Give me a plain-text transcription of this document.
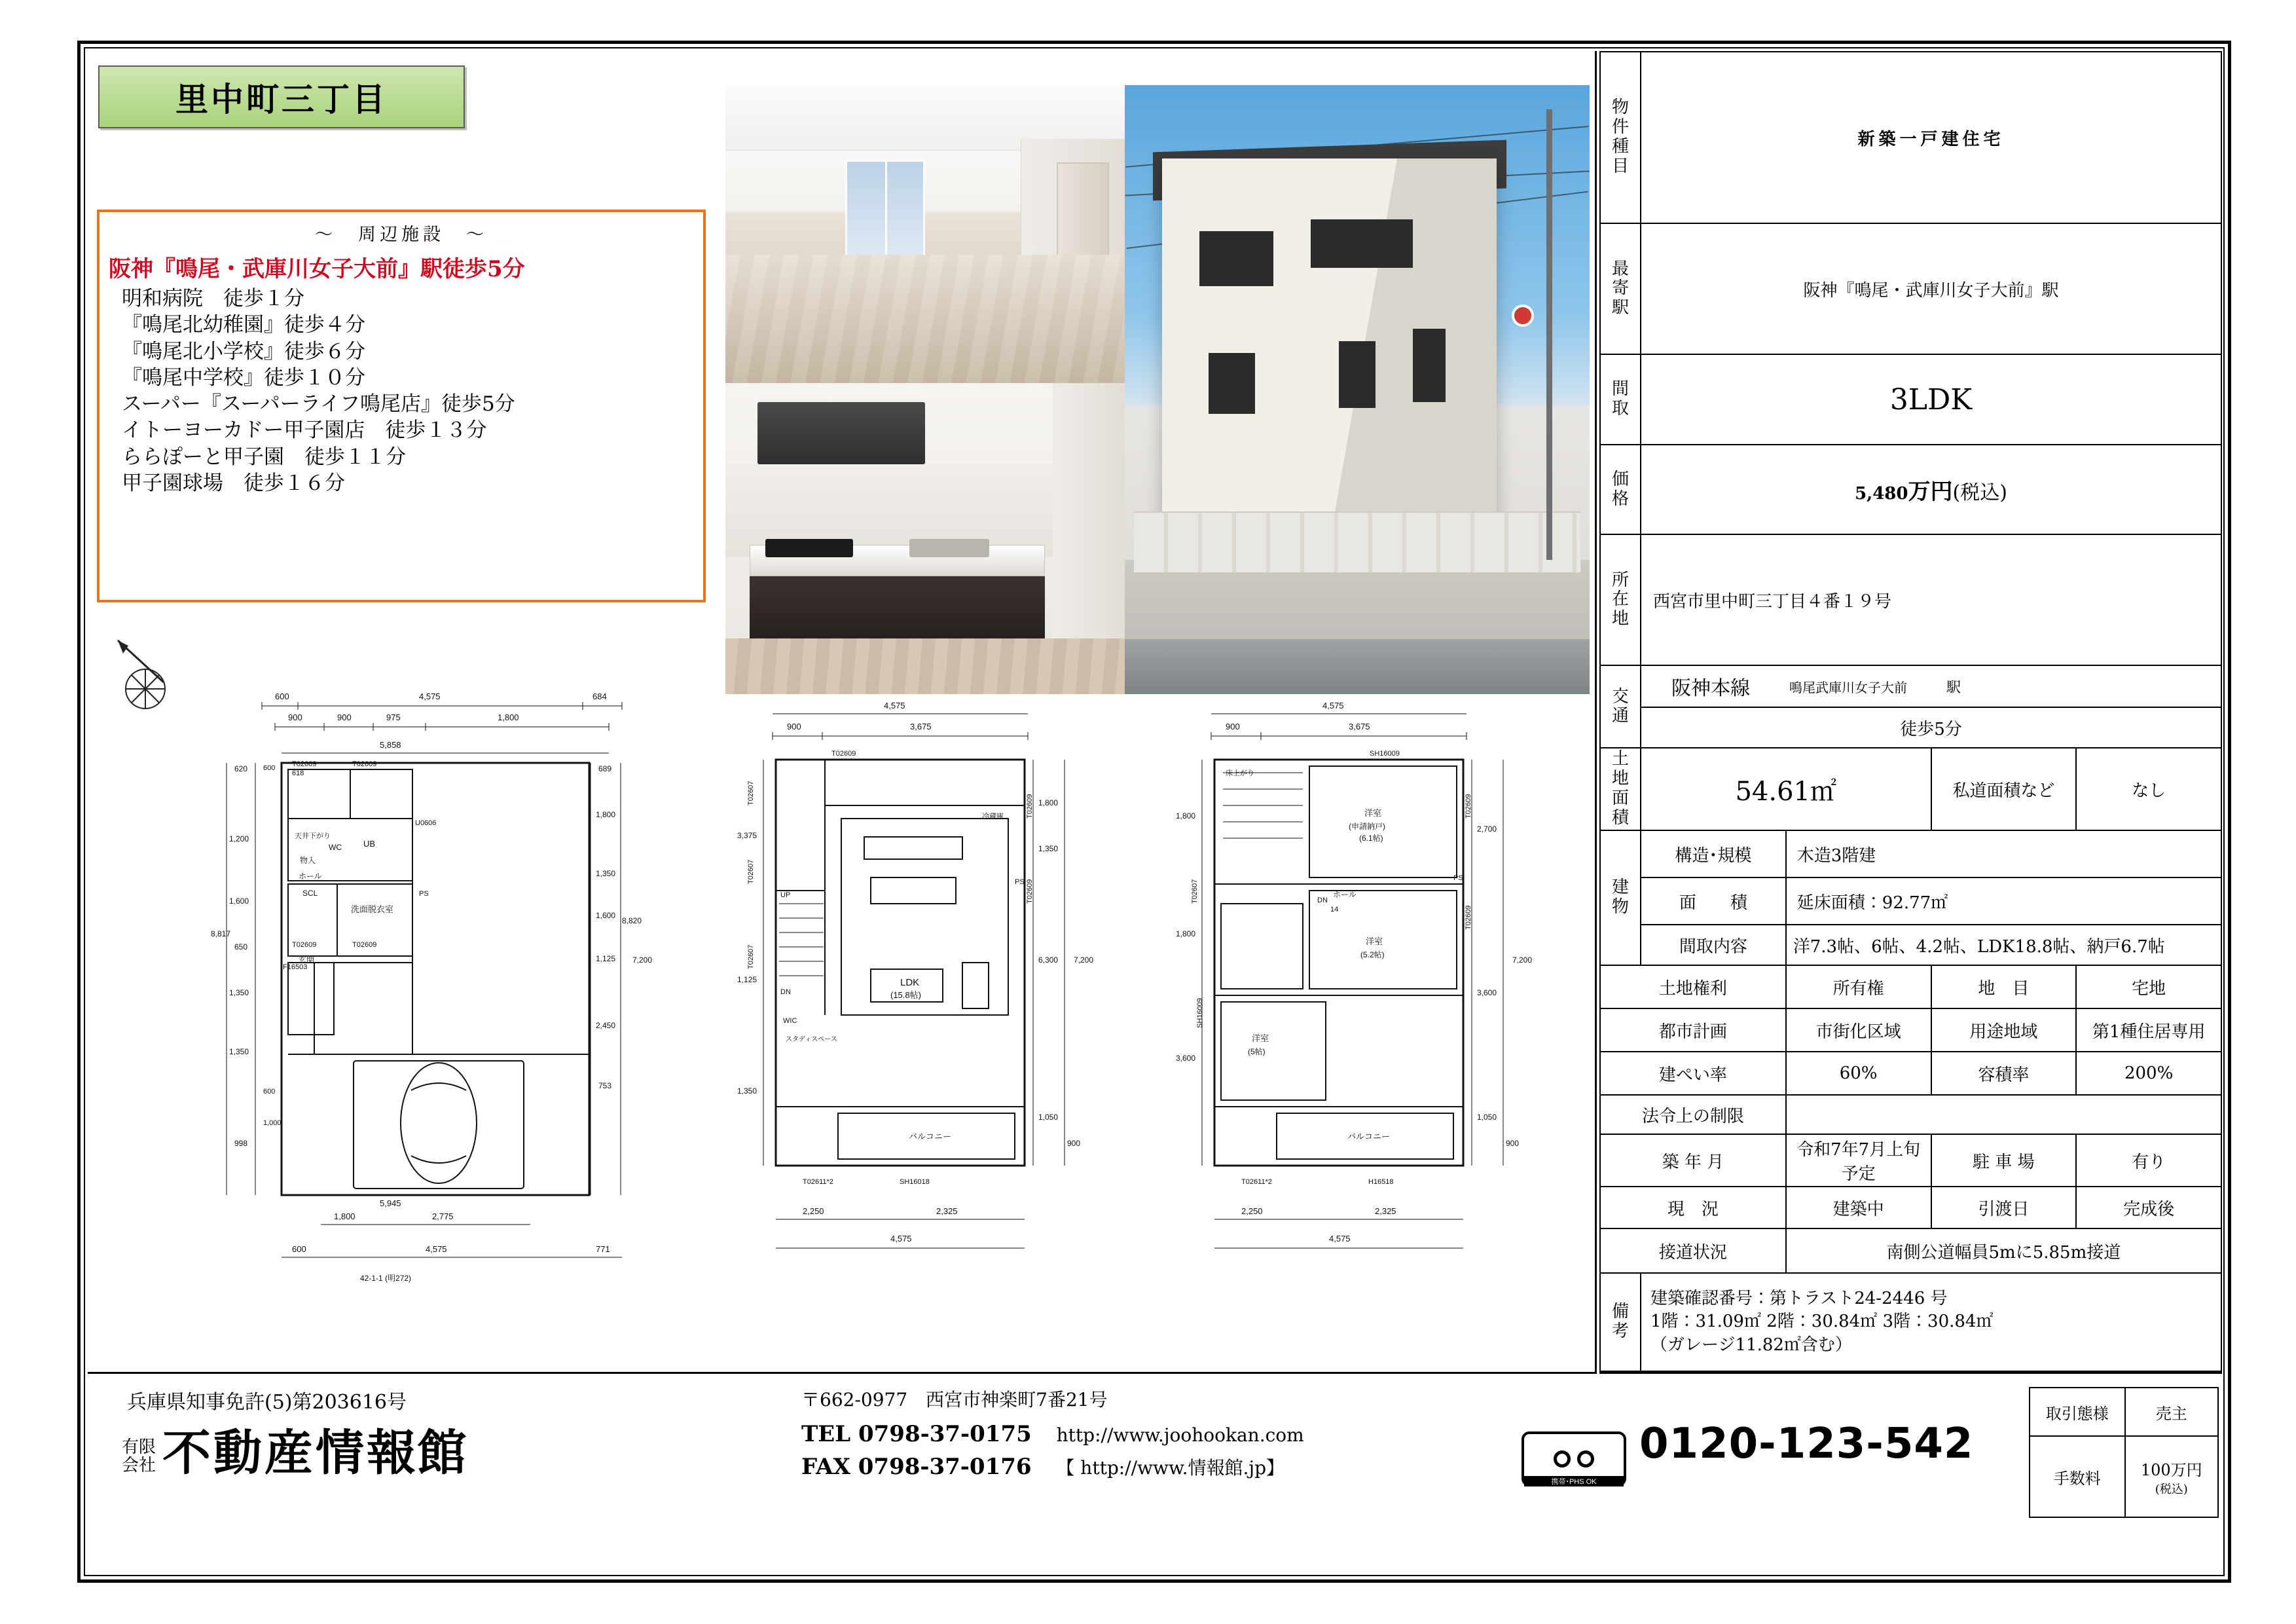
里中町三丁目
～　周辺施設　～
阪神『鳴尾・武庫川女子大前』駅徒歩5分
明和病院　徒歩１分
『鳴尾北幼稚園』徒歩４分
『鳴尾北小学校』徒歩６分
『鳴尾中学校』徒歩１０分
スーパー『スーパーライフ鳴尾店』徒歩5分
イトーヨーカドー甲子園店　徒歩１３分
ららぽーと甲子園　徒歩１１分
甲子園球場　徒歩１６分
600	4,575	684
900	900	975	1,800
5,858
洗面脱衣室
UB
WC
物入
天井下がり
SCL
ホール
玄関
PS
T02609	T02609
T02609
T02609
F16503
U0606
620
1,200
1,600
650
1,350
1,350
998
8,817
689
1,800
1,350
1,600
1,125
2,450
753
8,820
7,200
600
600
1,000
618
1,800	2,775
5,945
600	4,575	771
42-1-1 (明272)
4,575
900	3,675
LDK
(15.8帖)
バルコニー
スタディスペース
WIC
冷蔵庫
PS
UP
DN
T02609
T02607
T02607
T02607
T02609
T02609
T02611*2	SH16018
3,375
1,125
1,350
1,800
1,350
6,300
1,050
900
7,200
2,250	2,325
4,575
4,575
900	3,675
洋室
(申請納戸)
(6.1帖)
洋室
(5.2帖)
洋室
(5帖)
ホール
バルコニー
床上がり
PS
DN
14
SH16009
SH16009
T02609
T02609
T02607
T02611*2	H16518
1,800
1,800
3,600
2,700
3,600
1,050
900
7,200
2,250	2,325
4,575
物件種目	新築一戸建住宅			
最寄駅	阪神『鳴尾・武庫川女子大前』駅			
間取	3LDK			
価格	5,480万円(税込)			
所在地	西宮市里中町三丁目４番１９号			
交通	阪神本線 鳴尾武庫川女子大前 駅			

	徒歩5分			
土地面積	54.61㎡		私道面積など	なし
建物	構造･規模	木造3階建		
	面　　積	延床面積：92.77㎡		
	間取内容	洋7.3帖、6帖、4.2帖、LDK18.8帖、納戸6.7帖		
土地権利		所有権	地　目	宅地
都市計画		市街化区域	用途地域	第1種住居専用
建ぺい率		60%	容積率	200%
法令上の制限				
築 年 月		令和7年7月上旬予定	駐 車 場	有り
現　況		建築中	引渡日	完成後
接道状況		南側公道幅員5mに5.85m接道		
備　考	建築確認番号：第トラスト24-2446 号
1階：31.09㎡ 2階：30.84㎡ 3階：30.84㎡
（ガレージ11.82㎡含む）			
兵庫県知事免許(5)第203616号
有限
会社 不動産情報館
〒662-0977　西宮市神楽町7番21号
TEL 0798-37-0175 http://www.joohookan.com
FAX 0798-37-0176 【 http://www.情報館.jp】
携帯･PHS OK
0120-123-542
取引態様	売主
手数料	100万円
(税込)
